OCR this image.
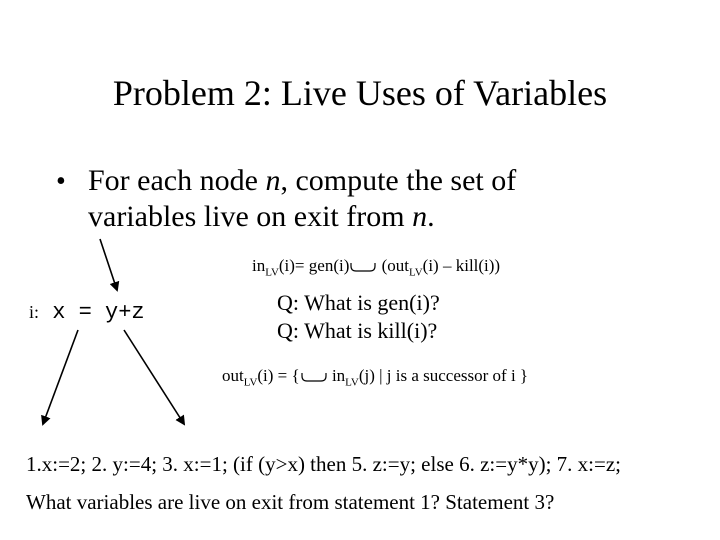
Problem 2: Live Uses of Variables
• For each node n, compute the set of
variables live on exit from n.
$in_{LV}(i)= gen(i)$ (out$_{LV}$(i) – kill(i))
i: x = y+z	Q: What is gen(i)?
Q: What is kill(i)?
out$_{LV}$(i) = { $in_{LV}(j)$ | j is a successor of i }
1.x:=2; 2. y:=4; 3. x:=1; (if (y>x) then 5. z:=y; else 6. z:=y*y); 7. x:=z;
What variables are live on exit from statement 1? Statement 3?
